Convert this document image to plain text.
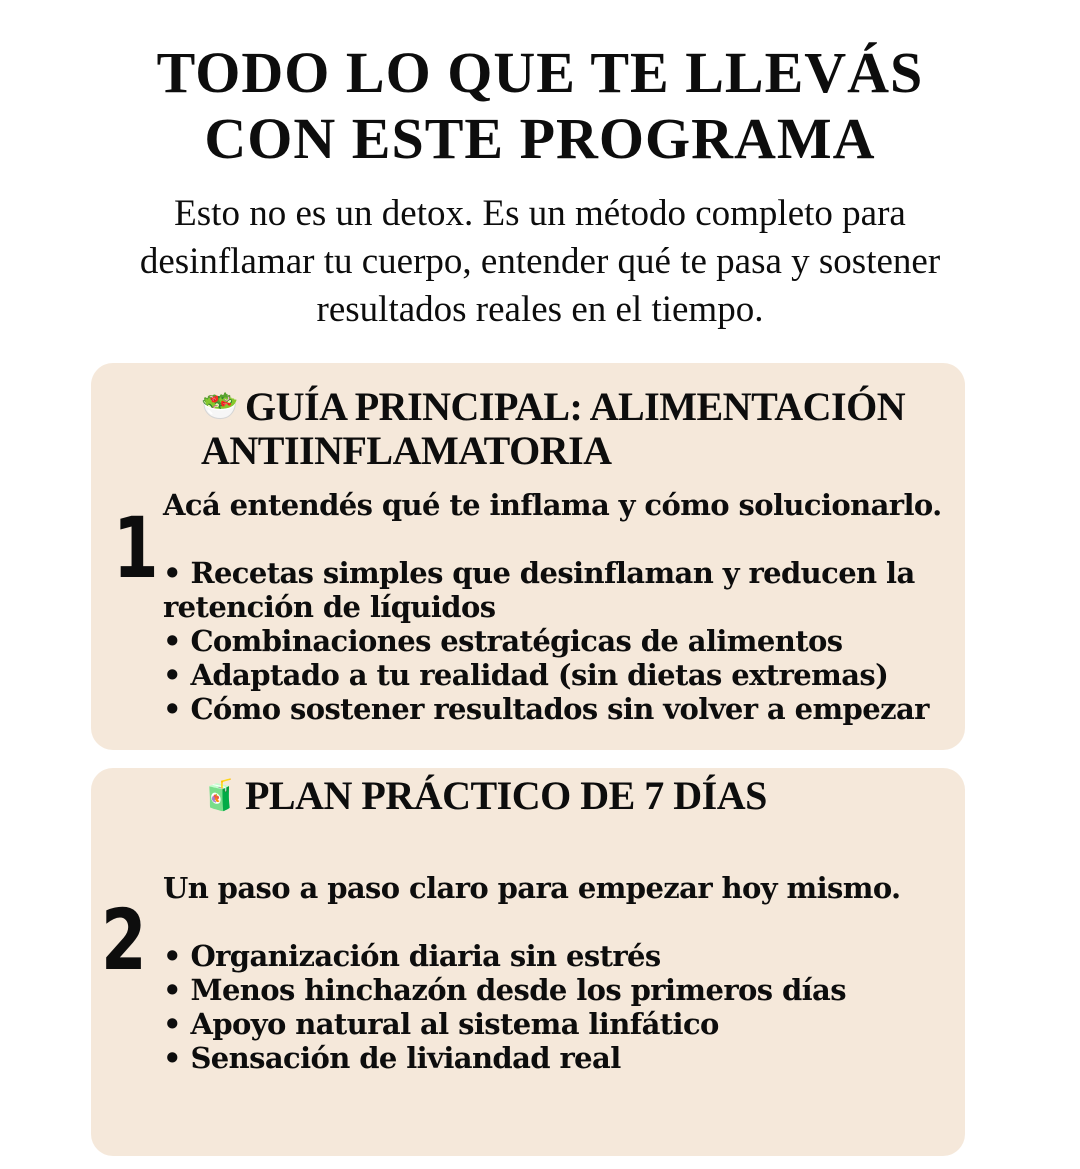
TODO LO QUE TE LLEVÁS
CON ESTE PROGRAMA

Esto no es un detox. Es un método completo para
desinflamar tu cuerpo, entender qué te pasa y sostener
resultados reales en el tiempo.

🥗 GUÍA PRINCIPAL: ALIMENTACIÓN ANTIINFLAMATORIA
1 Acá entendés qué te inflama y cómo solucionarlo.

• Recetas simples que desinflaman y reducen la retención de líquidos
• Combinaciones estratégicas de alimentos
• Adaptado a tu realidad (sin dietas extremas)
• Cómo sostener resultados sin volver a empezar
🧃 PLAN PRÁCTICO DE 7 DÍAS
2

Un paso a paso claro para empezar hoy mismo.

• Organización diaria sin estrés
• Menos hinchazón desde los primeros días
• Apoyo natural al sistema linfático
• Sensación de liviandad real
